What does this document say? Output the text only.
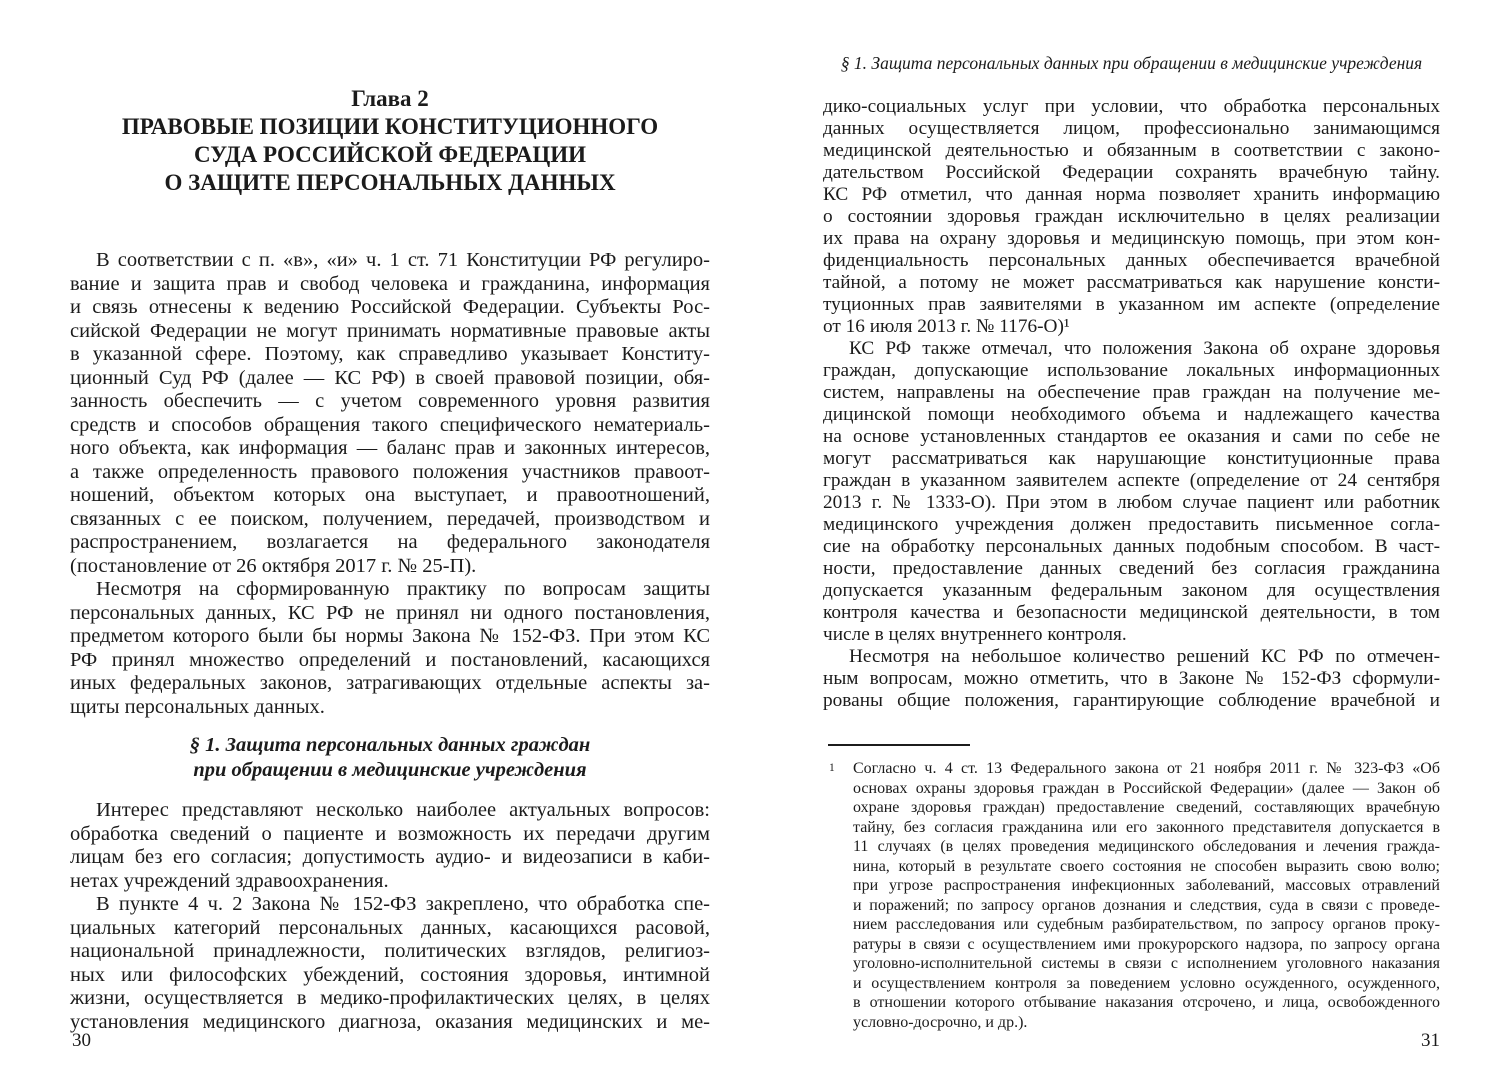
Глава 2
ПРАВОВЫЕ ПОЗИЦИИ КОНСТИТУЦИОННОГО
СУДА РОССИЙСКОЙ ФЕДЕРАЦИИ
О ЗАЩИТЕ ПЕРСОНАЛЬНЫХ ДАННЫХ
В соответствии с п. «в», «и» ч. 1 ст. 71 Конституции РФ регулиро-
вание и защита прав и свобод человека и гражданина, информация
и связь отнесены к ведению Российской Федерации. Субъекты Рос-
сийской Федерации не могут принимать нормативные правовые акты
в указанной сфере. Поэтому, как справедливо указывает Конститу-
ционный Суд РФ (далее — КС РФ) в своей правовой позиции, обя-
занность обеспечить — с учетом современного уровня развития
средств и способов обращения такого специфического нематериаль-
ного объекта, как информация — баланс прав и законных интересов,
а также определенность правового положения участников правоот-
ношений, объектом которых она выступает, и правоотношений,
связанных с ее поиском, получением, передачей, производством и
распространением, возлагается на федерального законодателя
(постановление от 26 октября 2017 г. № 25-П).
Несмотря на сформированную практику по вопросам защиты
персональных данных, КС РФ не принял ни одного постановления,
предметом которого были бы нормы Закона № 152-ФЗ. При этом КС
РФ принял множество определений и постановлений, касающихся
иных федеральных законов, затрагивающих отдельные аспекты за-
щиты персональных данных.
§ 1. Защита персональных данных граждан
при обращении в медицинские учреждения
Интерес представляют несколько наиболее актуальных вопросов:
обработка сведений о пациенте и возможность их передачи другим
лицам без его согласия; допустимость аудио- и видеозаписи в каби-
нетах учреждений здравоохранения.
В пункте 4 ч. 2 Закона № 152-ФЗ закреплено, что обработка спе-
циальных категорий персональных данных, касающихся расовой,
национальной принадлежности, политических взглядов, религиоз-
ных или философских убеждений, состояния здоровья, интимной
жизни, осуществляется в медико-профилактических целях, в целях
установления медицинского диагноза, оказания медицинских и ме-
§ 1. Защита персональных данных при обращении в медицинские учреждения
дико-социальных услуг при условии, что обработка персональных
данных осуществляется лицом, профессионально занимающимся
медицинской деятельностью и обязанным в соответствии с законо-
дательством Российской Федерации сохранять врачебную тайну.
КС РФ отметил, что данная норма позволяет хранить информацию
о состоянии здоровья граждан исключительно в целях реализации
их права на охрану здоровья и медицинскую помощь, при этом кон-
фиденциальность персональных данных обеспечивается врачебной
тайной, а потому не может рассматриваться как нарушение консти-
туционных прав заявителями в указанном им аспекте (определение
от 16 июля 2013 г. № 1176-О)¹
КС РФ также отмечал, что положения Закона об охране здоровья
граждан, допускающие использование локальных информационных
систем, направлены на обеспечение прав граждан на получение ме-
дицинской помощи необходимого объема и надлежащего качества
на основе установленных стандартов ее оказания и сами по себе не
могут рассматриваться как нарушающие конституционные права
граждан в указанном заявителем аспекте (определение от 24 сентября
2013 г. № 1333-О). При этом в любом случае пациент или работник
медицинского учреждения должен предоставить письменное согла-
сие на обработку персональных данных подобным способом. В част-
ности, предоставление данных сведений без согласия гражданина
допускается указанным федеральным законом для осуществления
контроля качества и безопасности медицинской деятельности, в том
числе в целях внутреннего контроля.
Несмотря на небольшое количество решений КС РФ по отмечен-
ным вопросам, можно отметить, что в Законе № 152-ФЗ сформули-
рованы общие положения, гарантирующие соблюдение врачебной и
1 Согласно ч. 4 ст. 13 Федерального закона от 21 ноября 2011 г. № 323-ФЗ «Об
основах охраны здоровья граждан в Российской Федерации» (далее — Закон об
охране здоровья граждан) предоставление сведений, составляющих врачебную
тайну, без согласия гражданина или его законного представителя допускается в
11 случаях (в целях проведения медицинского обследования и лечения гражда-
нина, который в результате своего состояния не способен выразить свою волю;
при угрозе распространения инфекционных заболеваний, массовых отравлений
и поражений; по запросу органов дознания и следствия, суда в связи с проведе-
нием расследования или судебным разбирательством, по запросу органов проку-
ратуры в связи с осуществлением ими прокурорского надзора, по запросу органа
уголовно-исполнительной системы в связи с исполнением уголовного наказания
и осуществлением контроля за поведением условно осужденного, осужденного,
в отношении которого отбывание наказания отсрочено, и лица, освобожденного
условно-досрочно, и др.).
30	31
